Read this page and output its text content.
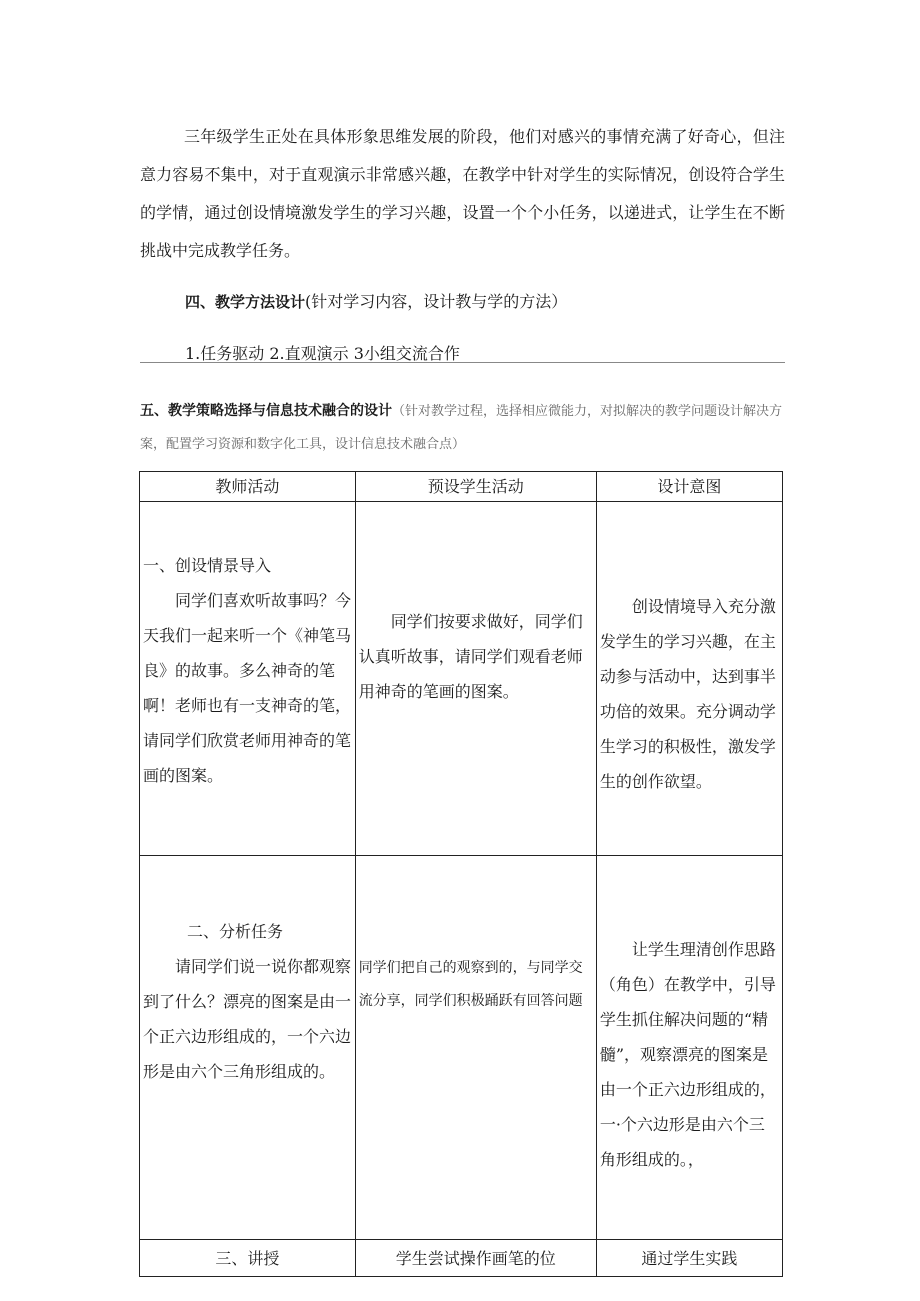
三年级学生正处在具体形象思维发展的阶段，他们对感兴的事情充满了好奇心，但注意力容易不集中，对于直观演示非常感兴趣，在教学中针对学生的实际情况，创设符合学生的学情，通过创设情境激发学生的学习兴趣，设置一个个小任务，以递进式，让学生在不断挑战中完成教学任务。

四、教学方法设计(针对学习内容，设计教与学的方法）

1.任务驱动 2.直观演示 3小组交流合作

五、教学策略选择与信息技术融合的设计（针对教学过程，选择相应微能力，对拟解决的教学问题设计解决方案，配置学习资源和数字化工具，设计信息技术融合点）

教师活动	预设学生活动	设计意图

一、创设情景导入
同学们喜欢听故事吗？今天我们一起来听一个《神笔马良》的故事。多么神奇的笔啊！老师也有一支神奇的笔，请同学们欣赏老师用神奇的笔画的图案。	同学们按要求做好，同学们认真听故事，请同学们观看老师用神奇的笔画的图案。	创设情境导入充分激发学生的学习兴趣，在主动参与活动中，达到事半功倍的效果。充分调动学生学习的积极性，激发学生的创作欲望。

二、分析任务
请同学们说一说你都观察到了什么？漂亮的图案是由一个正六边形组成的，一个六边形是由六个三角形组成的。	同学们把自己的观察到的，与同学交流分享，同学们积极踊跃有回答问题	让学生理清创作思路（角色）在教学中，引导学生抓住解决问题的“精髓”，观察漂亮的图案是由一个正六边形组成的，一·个六边形是由六个三角形组成的。，

三、讲授	学生尝试操作画笔的位	通过学生实践
